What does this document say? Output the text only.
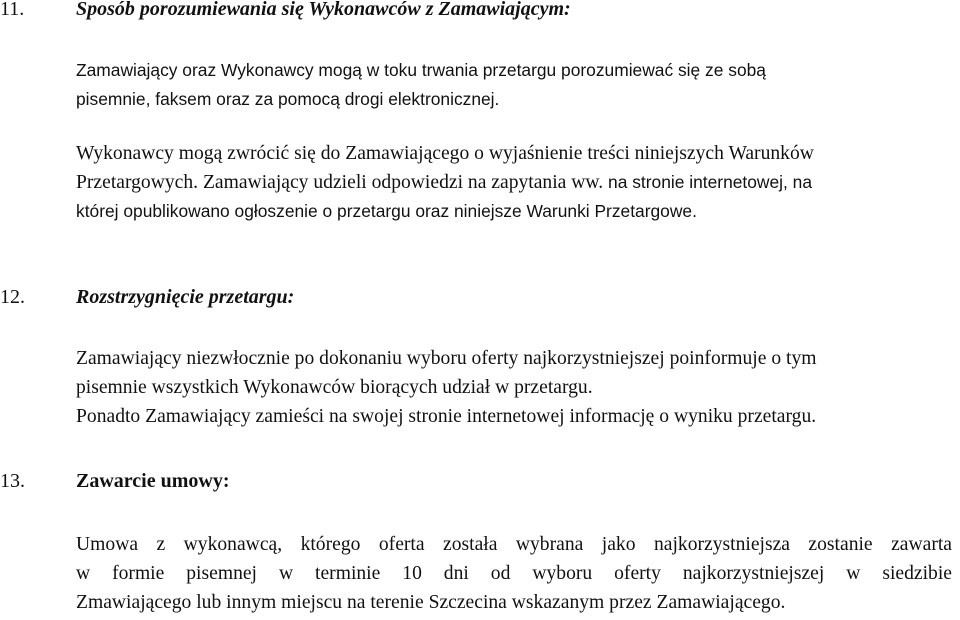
11.	Sposób porozumiewania się Wykonawców z Zamawiającym:
Zamawiający oraz Wykonawcy mogą w toku trwania przetargu porozumiewać się ze sobą
pisemnie, faksem oraz za pomocą drogi elektronicznej.
Wykonawcy mogą zwrócić się do Zamawiającego o wyjaśnienie treści niniejszych Warunków
Przetargowych. Zamawiający udzieli odpowiedzi na zapytania ww. na stronie internetowej, na
której opublikowano ogłoszenie o przetargu oraz niniejsze Warunki Przetargowe.
12.	Rozstrzygnięcie przetargu:
Zamawiający niezwłocznie po dokonaniu wyboru oferty najkorzystniejszej poinformuje o tym
pisemnie wszystkich Wykonawców biorących udział w przetargu.
Ponadto Zamawiający zamieści na swojej stronie internetowej informację o wyniku przetargu.
13.	Zawarcie umowy:
Umowa z wykonawcą, którego oferta została wybrana jako najkorzystniejsza zostanie zawarta
w formie pisemnej w terminie 10 dni od wyboru oferty najkorzystniejszej w siedzibie
Zmawiającego lub innym miejscu na terenie Szczecina wskazanym przez Zamawiającego.
